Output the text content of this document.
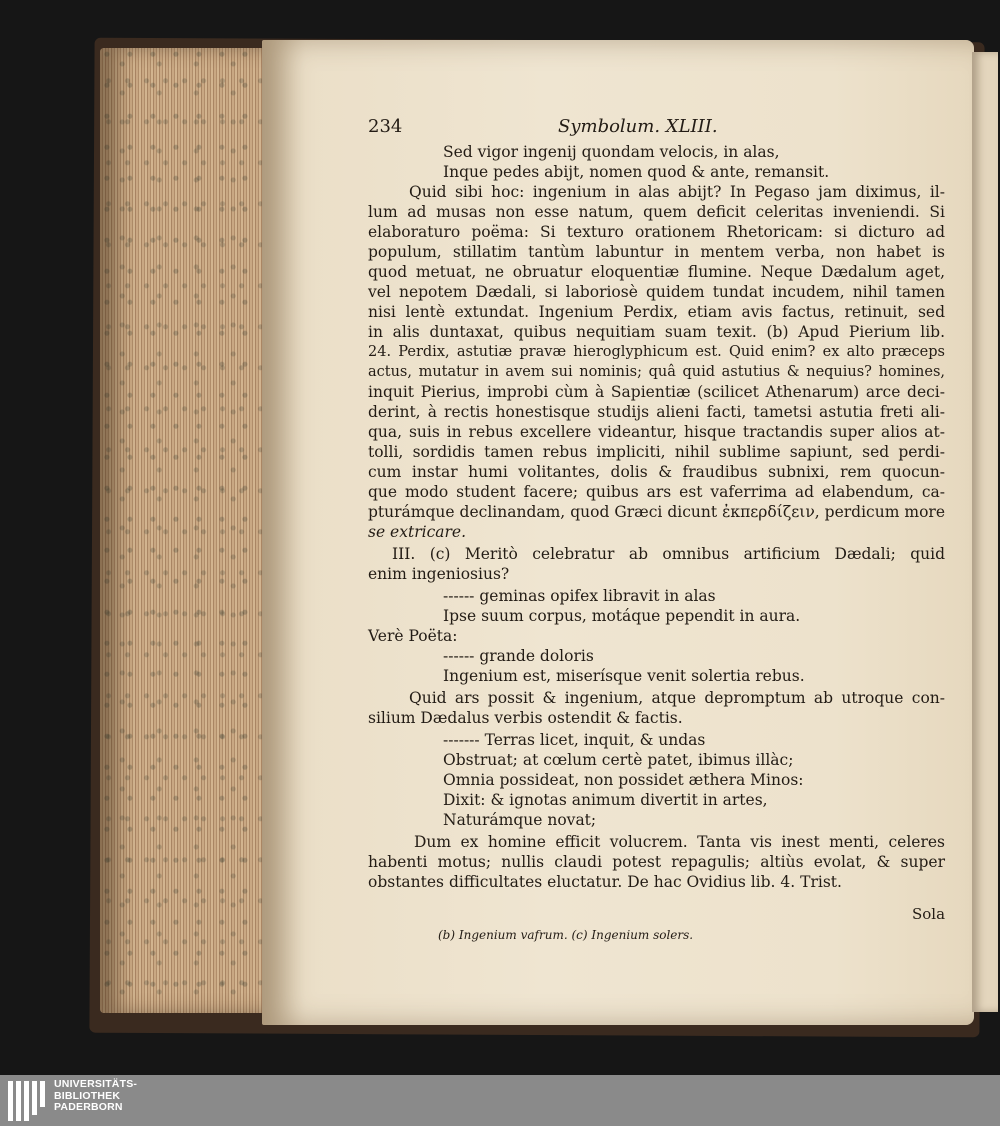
234	Symbolum. XLIII.
Sed vigor ingenij quondam velocis, in alas,
Inque pedes abijt, nomen quod & ante, remansit.
Quid sibi hoc: ingenium in alas abijt? In Pegaso jam diximus, il-
lum ad musas non esse natum, quem deficit celeritas inveniendi. Si
elaboraturo poëma: Si texturo orationem Rhetoricam: si dicturo ad
populum, stillatim tantùm labuntur in mentem verba, non habet is
quod metuat, ne obruatur eloquentiæ flumine. Neque Dædalum aget,
vel nepotem Dædali, si laboriosè quidem tundat incudem, nihil tamen
nisi lentè extundat. Ingenium Perdix, etiam avis factus, retinuit, sed
in alis duntaxat, quibus nequitiam suam texit. (b) Apud Pierium lib.
24. Perdix, astutiæ pravæ hieroglyphicum est. Quid enim? ex alto præceps
actus, mutatur in avem sui nominis; quâ quid astutius & nequius? homines,
inquit Pierius, improbi cùm à Sapientiæ (scilicet Athenarum) arce deci-
derint, à rectis honestisque studijs alieni facti, tametsi astutia freti ali-
qua, suis in rebus excellere videantur, hisque tractandis super alios at-
tolli, sordidis tamen rebus impliciti, nihil sublime sapiunt, sed perdi-
cum instar humi volitantes, dolis & fraudibus subnixi, rem quocun-
que modo student facere; quibus ars est vaferrima ad elabendum, ca-
pturámque declinandam, quod Græci dicunt ἐκπερδίζειν, perdicum more
se extricare.
III. (c) Meritò celebratur ab omnibus artificium Dædali; quid
enim ingeniosius?
------ geminas opifex libravit in alas
Ipse suum corpus, motáque pependit in aura.
Verè Poëta:
------ grande doloris
Ingenium est, miserísque venit solertia rebus.
Quid ars possit & ingenium, atque depromptum ab utroque con-
silium Dædalus verbis ostendit & factis.
------- Terras licet, inquit, & undas
Obstruat; at cœlum certè patet, ibimus illàc;
Omnia possideat, non possidet æthera Minos:
Dixit: & ignotas animum divertit in artes,
Naturámque novat;
Dum ex homine efficit volucrem. Tanta vis inest menti, celeres
habenti motus; nullis claudi potest repagulis; altiùs evolat, & super
obstantes difficultates eluctatur. De hac Ovidius lib. 4. Trist.
Sola
(b) Ingenium vafrum. (c) Ingenium solers.
UNIVERSITÄTS-
BIBLIOTHEK
PADERBORN
